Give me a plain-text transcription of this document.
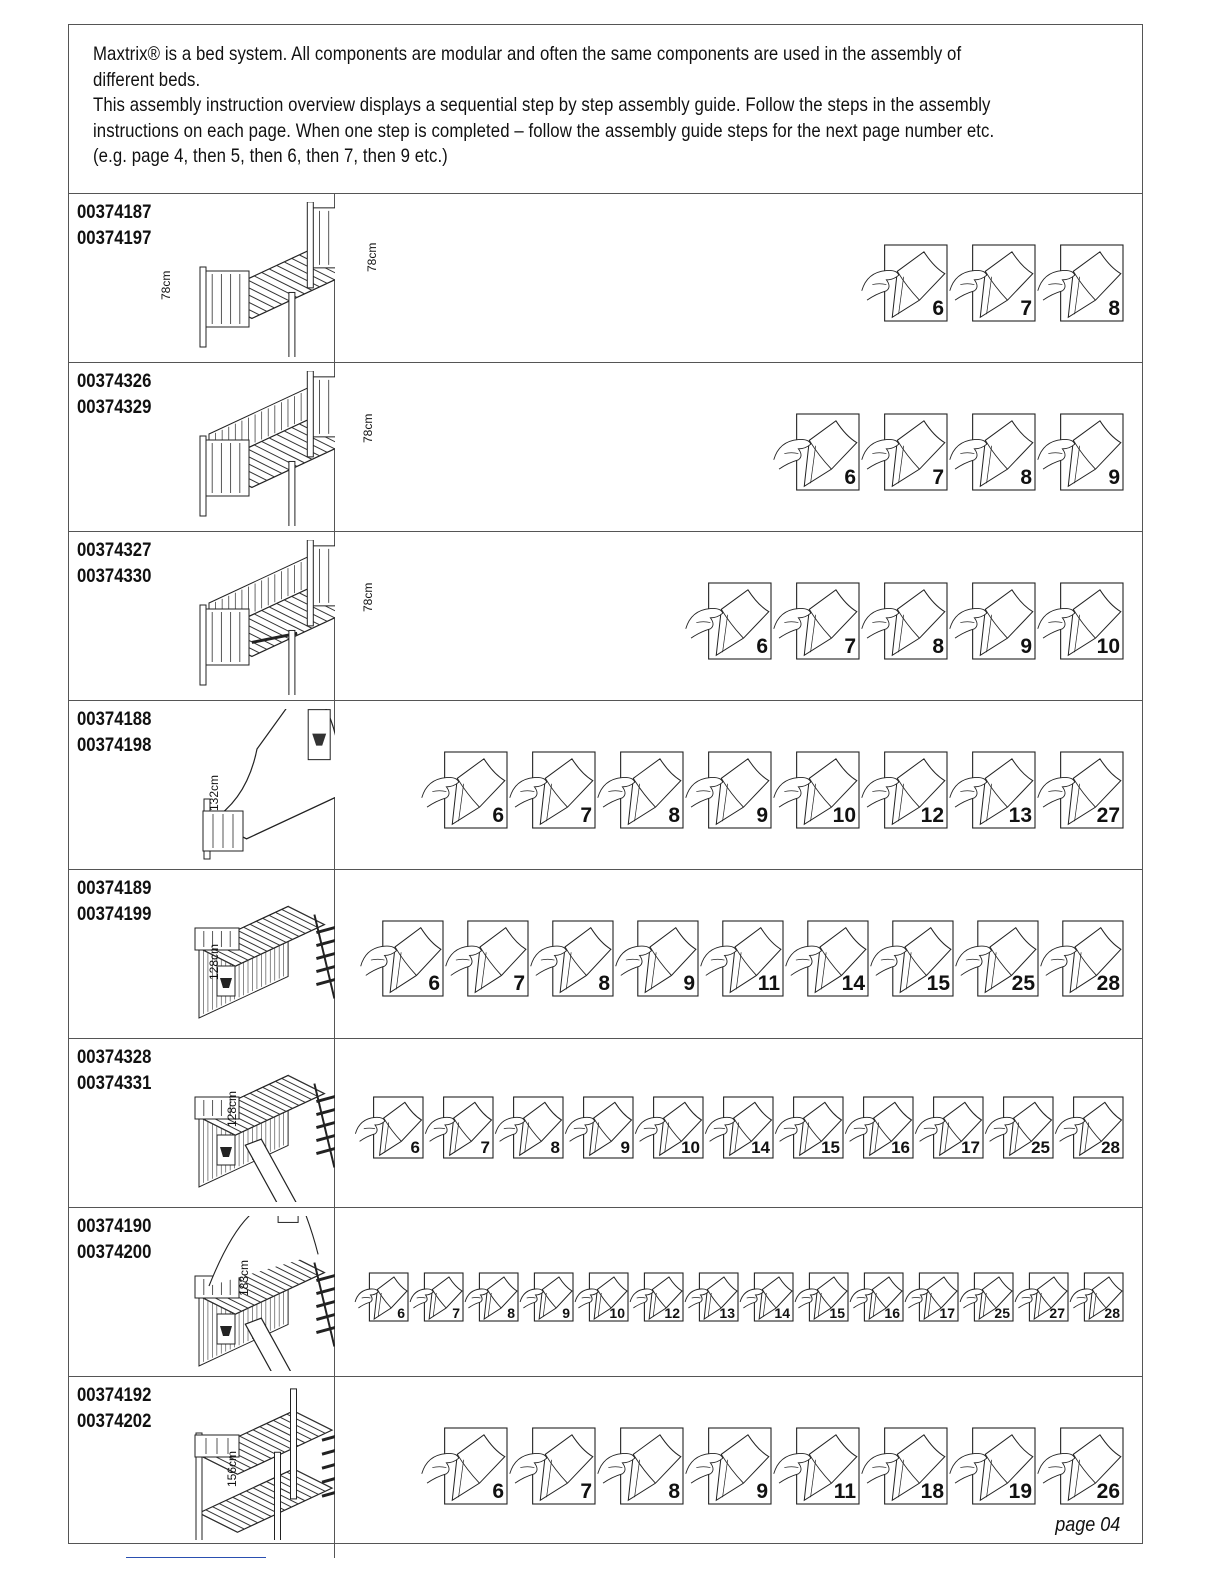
Maxtrix® is a bed system. All components are modular and often the same components are used in the assembly of

different beds.

This assembly instruction overview displays a sequential step by step assembly guide. Follow the steps in the assembly

instructions on each page. When one step is completed – follow the assembly guide steps for the next page number etc.

(e.g. page 4, then 5, then 6, then 7, then 9 etc.)

00374187
00374197
78cm
78cm
6	7	8
00374326
00374329
78cm
6	7	8	9
00374327
00374330
78cm
6	7	8	9	10
00374188
00374198
132cm
6	7	8	9	10	12	13	27
00374189
00374199
128cm
6	7	8	9	11	14	15	25	28
00374328
00374331
128cm
6	7	8	9	10	14	15	16	17	25	28
00374190
00374200
183cm
6	7	8	9	10	12	13	14	15	16	17	25	27	28
00374192
00374202
156cm
6	7	8	9	11	18	19	26
page 04
